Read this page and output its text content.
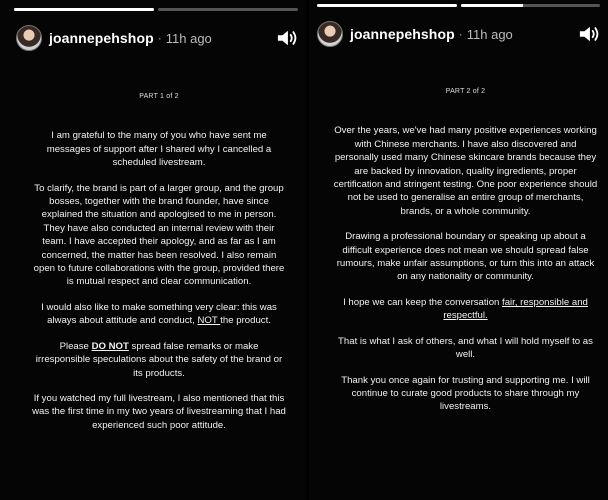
joannepehshop · 11h ago
PART 1 of 2

I am grateful to the many of you who have sent me messages of support after I shared why I cancelled a scheduled livestream.

To clarify, the brand is part of a larger group, and the group bosses, together with the brand founder, have since explained the situation and apologised to me in person. They have also conducted an internal review with their team. I have accepted their apology, and as far as I am concerned, the matter has been resolved. I also remain open to future collaborations with the group, provided there is mutual respect and clear communication.

I would also like to make something very clear: this was always about attitude and conduct, NOT the product.

Please DO NOT spread false remarks or make irresponsible speculations about the safety of the brand or its products.

If you watched my full livestream, I also mentioned that this was the first time in my two years of livestreaming that I had experienced such poor attitude.

joannepehshop · 11h ago
PART 2 of 2

Over the years, we've had many positive experiences working with Chinese merchants. I have also discovered and personally used many Chinese skincare brands because they are backed by innovation, quality ingredients, proper certification and stringent testing. One poor experience should not be used to generalise an entire group of merchants, brands, or a whole community.

Drawing a professional boundary or speaking up about a difficult experience does not mean we should spread false rumours, make unfair assumptions, or turn this into an attack on any nationality or community.

I hope we can keep the conversation fair, responsible and respectful.

That is what I ask of others, and what I will hold myself to as well.

Thank you once again for trusting and supporting me. I will continue to curate good products to share through my livestreams.
